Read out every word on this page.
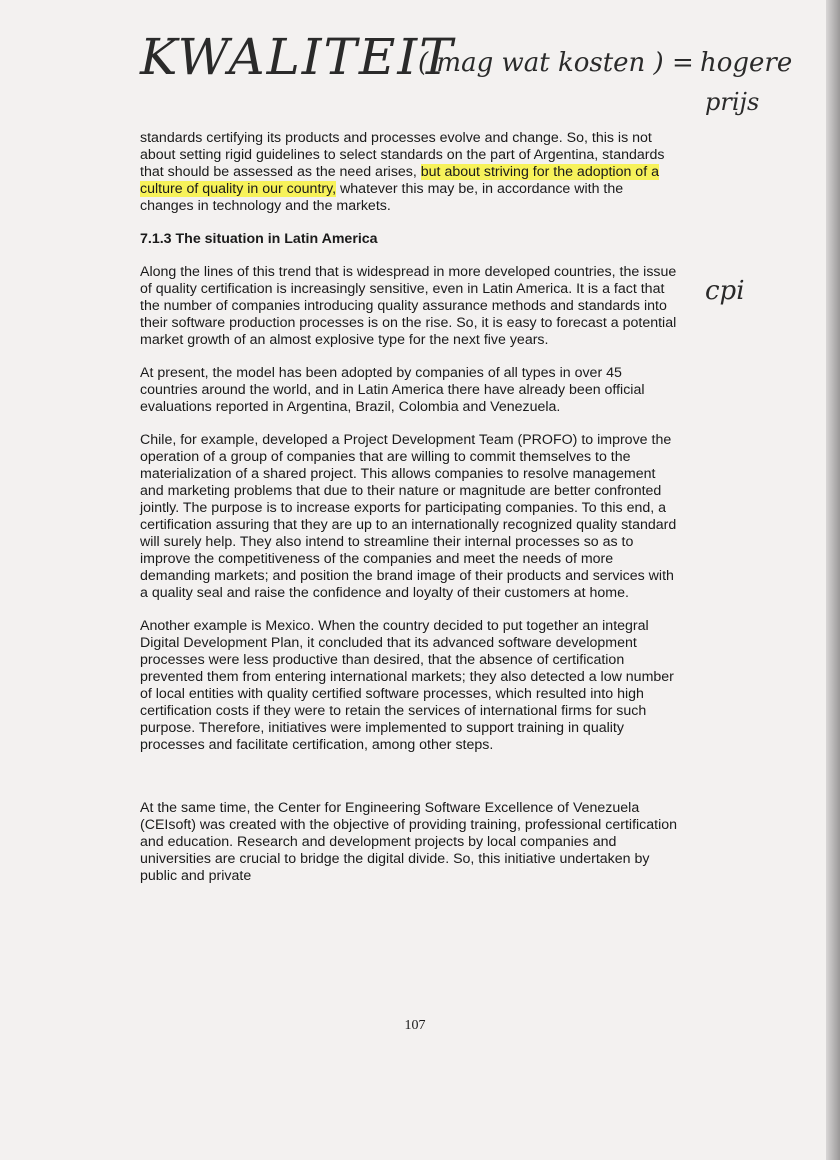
KWALITEIT
( mag wat kosten ) = hogere
prijs
cpi

standards certifying its products and processes evolve and change. So, this is not about setting rigid guidelines to select standards on the part of Argentina, standards that should be assessed as the need arises, but about striving for the adoption of a culture of quality in our country, whatever this may be, in accordance with the changes in technology and the markets.

7.1.3 The situation in Latin America

Along the lines of this trend that is widespread in more developed countries, the issue of quality certification is increasingly sensitive, even in Latin America. It is a fact that the number of companies introducing quality assurance methods and standards into their software production processes is on the rise. So, it is easy to forecast a potential market growth of an almost explosive type for the next five years.

At present, the model has been adopted by companies of all types in over 45 countries around the world, and in Latin America there have already been official evaluations reported in Argentina, Brazil, Colombia and Venezuela.

Chile, for example, developed a Project Development Team (PROFO) to improve the operation of a group of companies that are willing to commit themselves to the materialization of a shared project. This allows companies to resolve management and marketing problems that due to their nature or magnitude are better confronted jointly. The purpose is to increase exports for participating companies. To this end, a certification assuring that they are up to an internationally recognized quality standard will surely help. They also intend to streamline their internal processes so as to improve the competitiveness of the companies and meet the needs of more demanding markets; and position the brand image of their products and services with a quality seal and raise the confidence and loyalty of their customers at home.

Another example is Mexico. When the country decided to put together an integral Digital Development Plan, it concluded that its advanced software development processes were less productive than desired, that the absence of certification prevented them from entering international markets; they also detected a low number of local entities with quality certified software processes, which resulted into high certification costs if they were to retain the services of international firms for such purpose. Therefore, initiatives were implemented to support training in quality processes and facilitate certification, among other steps.

At the same time, the Center for Engineering Software Excellence of Venezuela (CEIsoft) was created with the objective of providing training, professional certification and education. Research and development projects by local companies and universities are crucial to bridge the digital divide. So, this initiative undertaken by public and private

107
